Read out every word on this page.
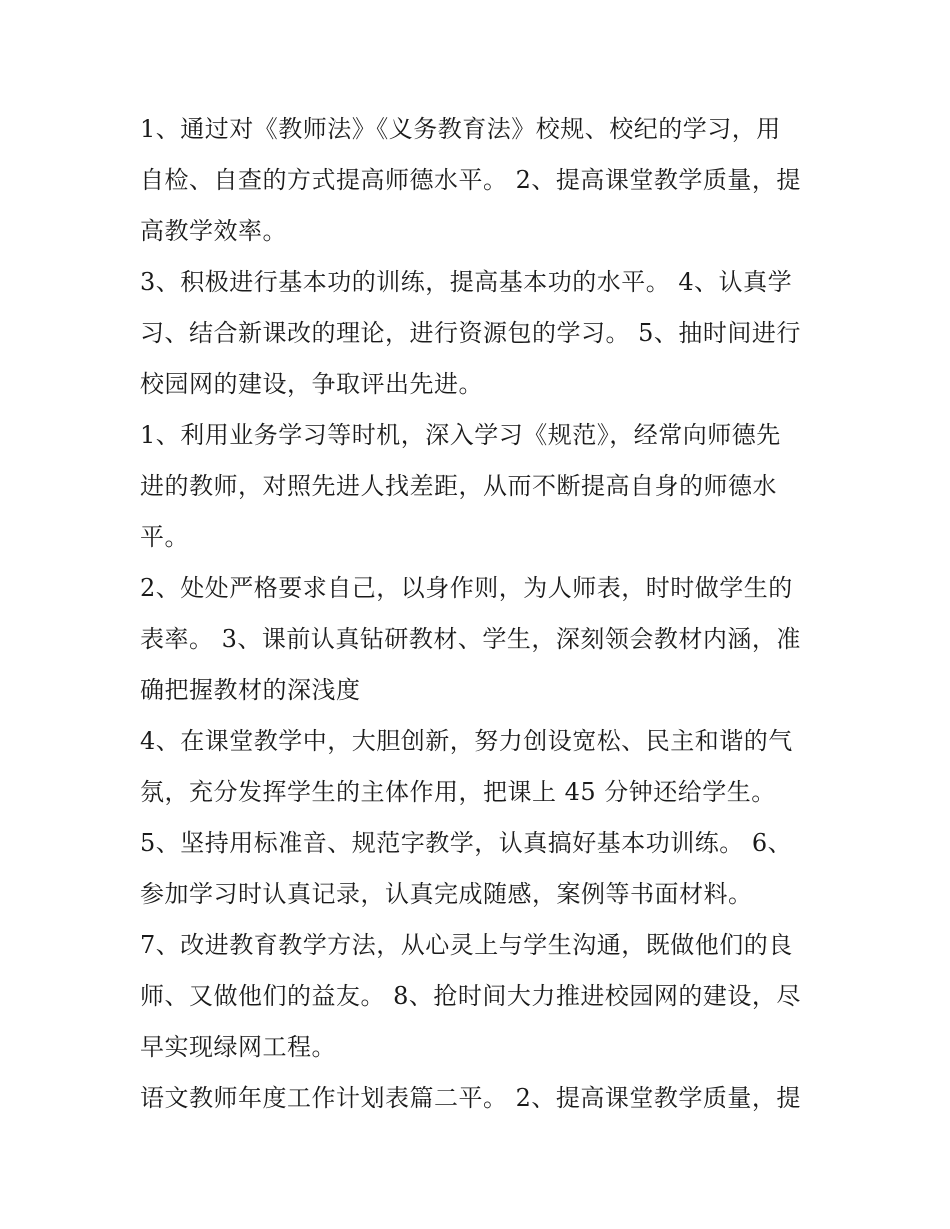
1、通过对《教师法》《义务教育法》校规、校纪的学习，用
自检、自查的方式提高师德水平。 2、提高课堂教学质量，提
高教学效率。

3、积极进行基本功的训练，提高基本功的水平。 4、认真学
习、结合新课改的理论，进行资源包的学习。 5、抽时间进行
校园网的建设，争取评出先进。

1、利用业务学习等时机，深入学习《规范》，经常向师德先
进的教师，对照先进人找差距，从而不断提高自身的师德水
平。

2、处处严格要求自己，以身作则，为人师表，时时做学生的
表率。 3、课前认真钻研教材、学生，深刻领会教材内涵，准
确把握教材的深浅度

4、在课堂教学中，大胆创新，努力创设宽松、民主和谐的气
氛，充分发挥学生的主体作用，把课上 45 分钟还给学生。

5、坚持用标准音、规范字教学，认真搞好基本功训练。 6、
参加学习时认真记录，认真完成随感，案例等书面材料。

7、改进教育教学方法，从心灵上与学生沟通，既做他们的良
师、又做他们的益友。 8、抢时间大力推进校园网的建设，尽
早实现绿网工程。

语文教师年度工作计划表篇二平。 2、提高课堂教学质量，提
